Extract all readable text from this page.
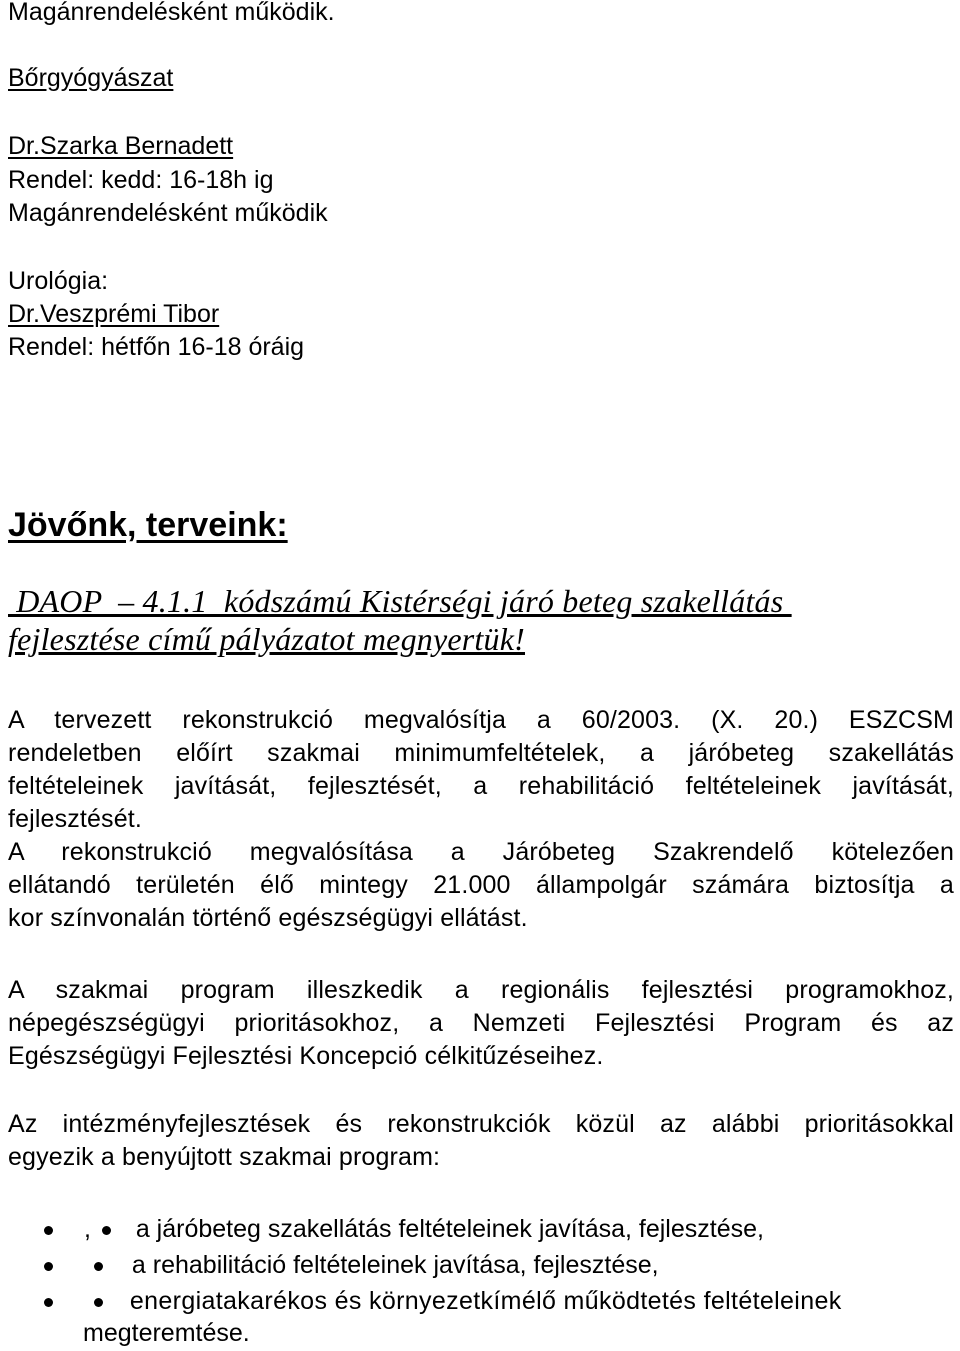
Magánrendelésként működik.

Bőrgyógyászat
Dr.Szarka Bernadett

Rendel: kedd: 16-18h ig

Magánrendelésként működik

Urológia:

Dr.Veszprémi Tibor

Rendel: hétfőn 16-18 óráig

Jövőnk, terveink:

DAOP  – 4.1.1  kódszámú Kistérségi járó beteg szakellátás

fejlesztése című pályázatot megnyertük!

A tervezett rekonstrukció megvalósítja a 60/2003. (X. 20.) ESZCSM
rendeletben előírt szakmai minimumfeltételek, a járóbeteg szakellátás
feltételeinek javítását, fejlesztését, a rehabilitáció feltételeinek javítását,
fejlesztését.
A rekonstrukció megvalósítása a Járóbeteg Szakrendelő kötelezően
ellátandó területén élő mintegy 21.000 állampolgár számára biztosítja a
kor színvonalán történő egészségügyi ellátást.
A szakmai program illeszkedik a regionális fejlesztési programokhoz,
népegészségügyi prioritásokhoz, a Nemzeti Fejlesztési Program és az
Egészségügyi Fejlesztési Koncepció célkitűzéseihez.
Az intézményfejlesztések és rekonstrukciók közül az alábbi prioritásokkal
egyezik a benyújtott szakmai program:
, a járóbeteg szakellátás feltételeinek javítása, fejlesztése,
a rehabilitáció feltételeinek javítása, fejlesztése,
energiatakarékos és környezetkímélő működtetés feltételeinek
megteremtése.
